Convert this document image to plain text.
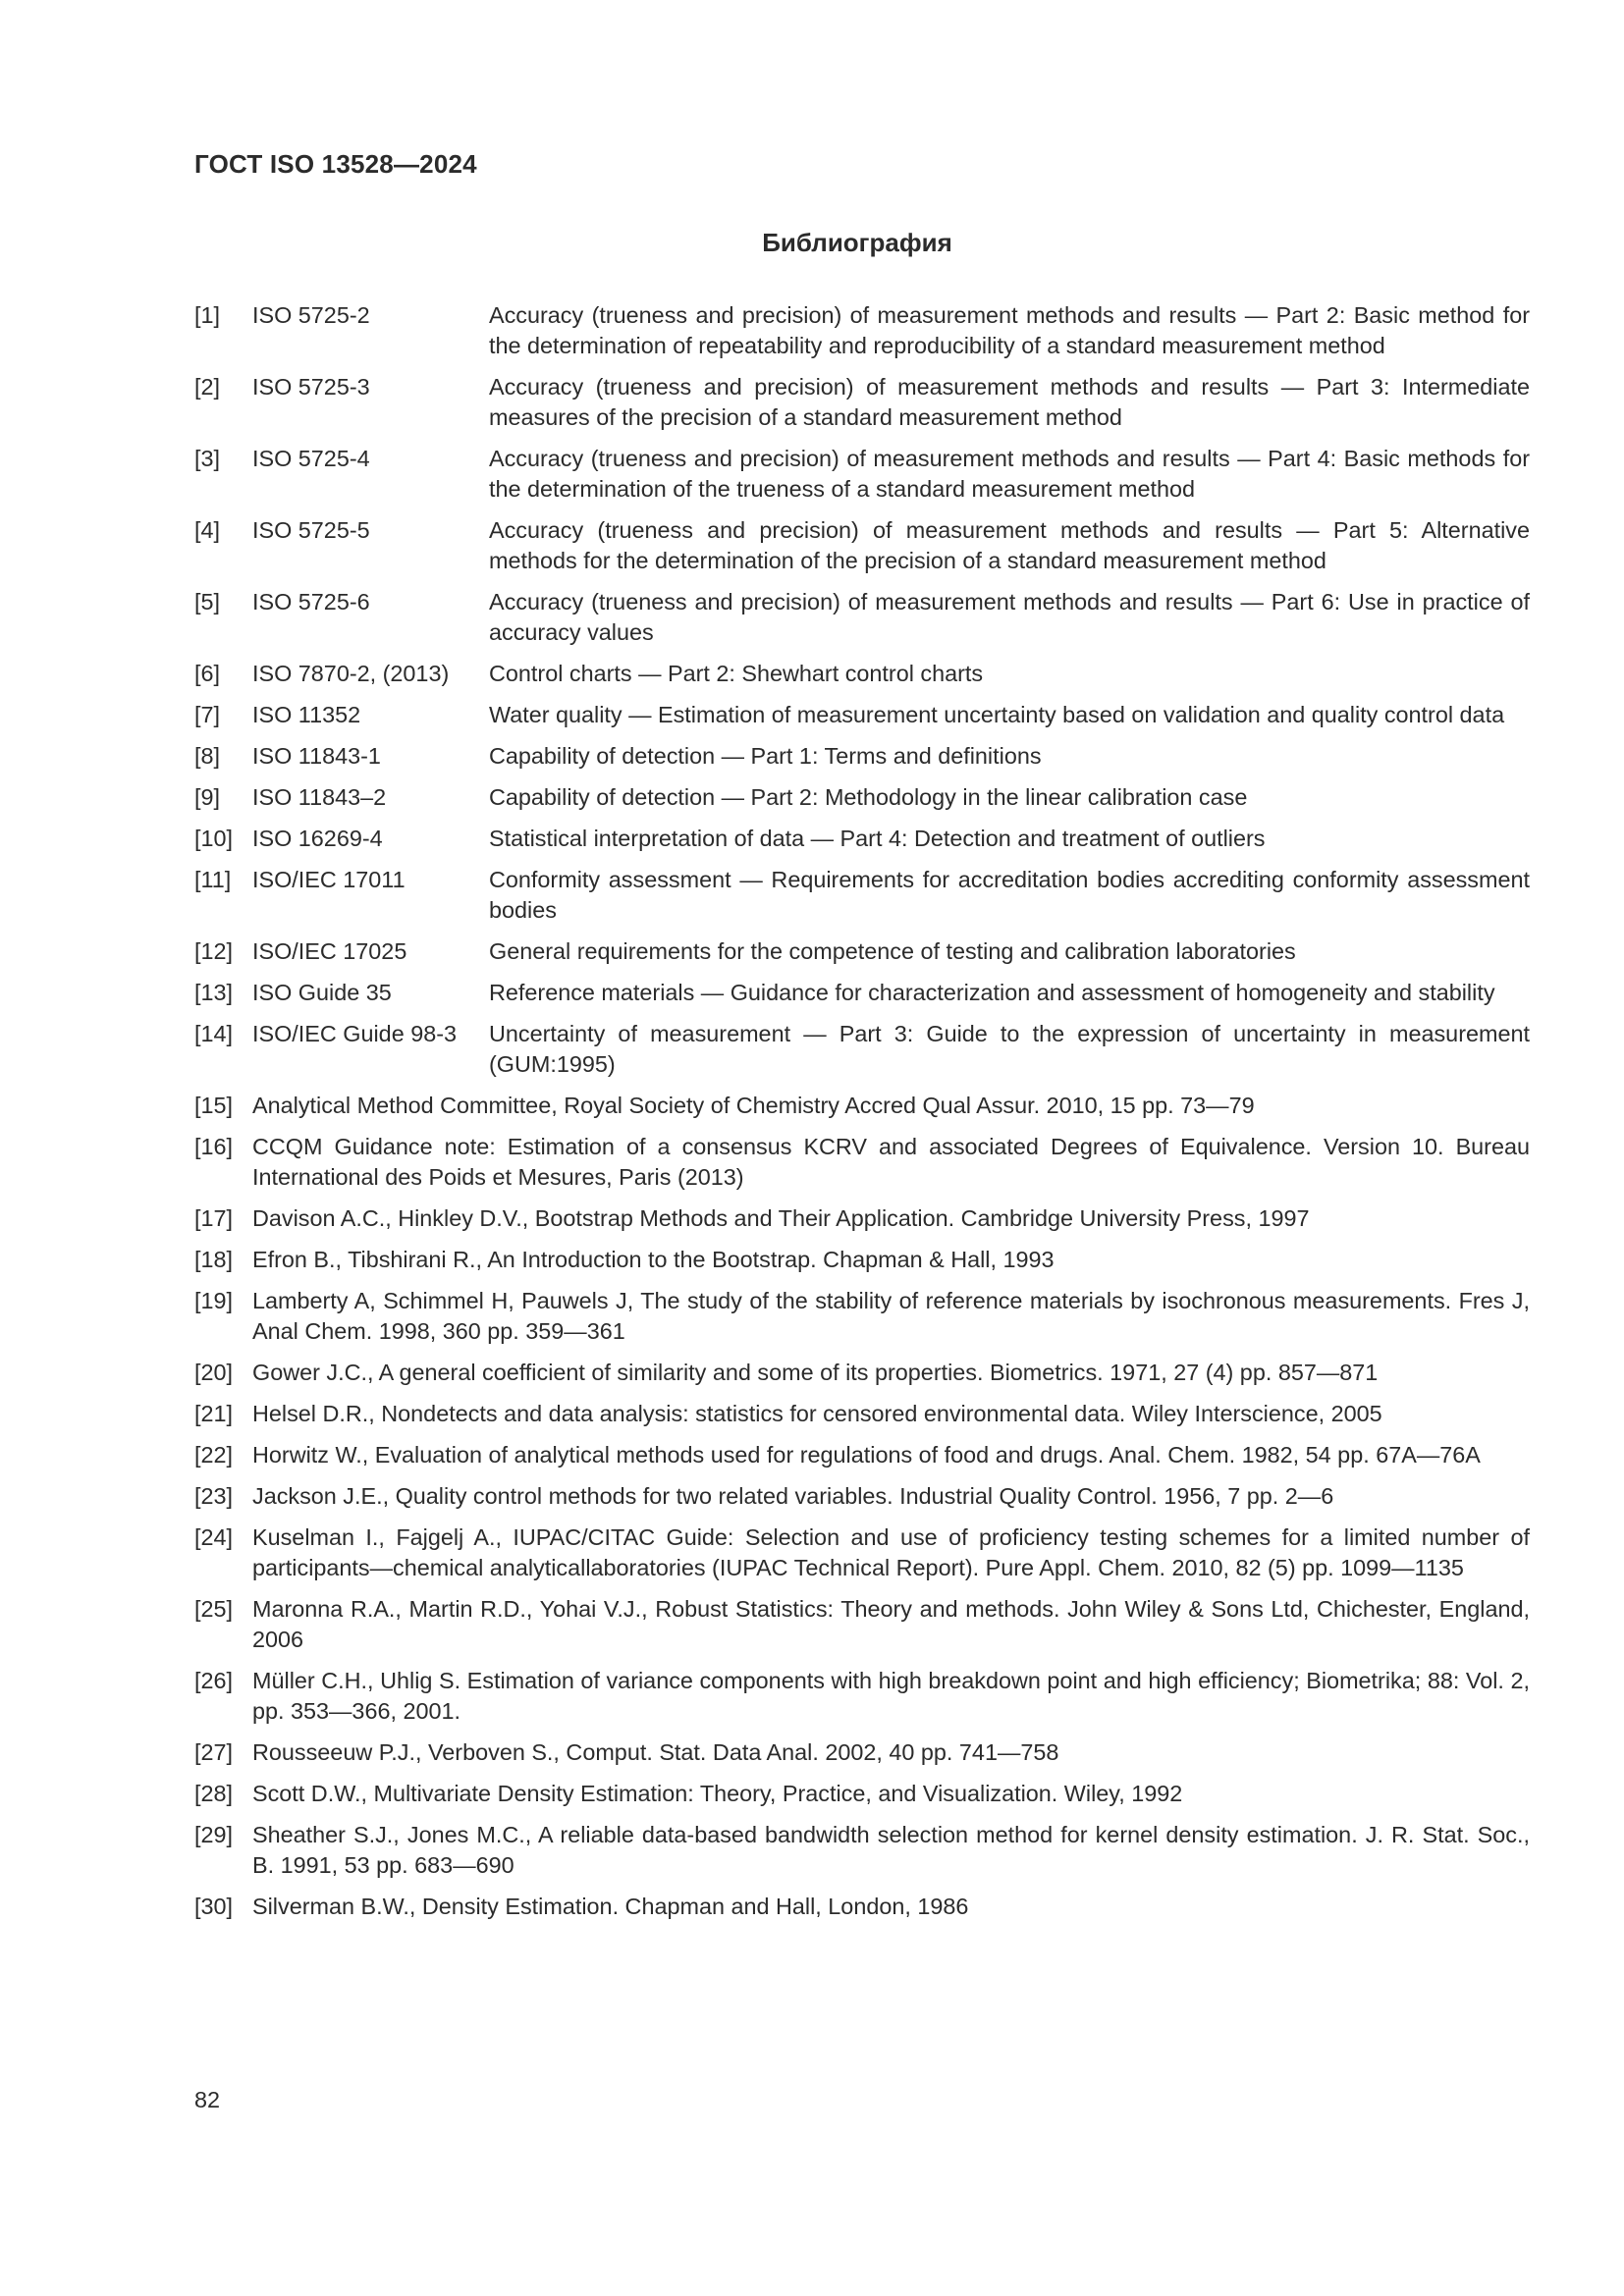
ГОСТ ISO 13528—2024
Библиография
[1]	ISO 5725-2	Accuracy (trueness and precision) of measurement methods and results — Part 2: Basic method for the determination of repeatability and reproducibility of a standard measurement method
[2]	ISO 5725-3	Accuracy (trueness and precision) of measurement methods and results — Part 3: Intermediate measures of the precision of a standard measurement method
[3]	ISO 5725-4	Accuracy (trueness and precision) of measurement methods and results — Part 4: Basic methods for the determination of the trueness of a standard measurement method
[4]	ISO 5725-5	Accuracy (trueness and precision) of measurement methods and results — Part 5: Alternative methods for the determination of the precision of a standard measurement method
[5]	ISO 5725-6	Accuracy (trueness and precision) of measurement methods and results — Part 6: Use in practice of accuracy values
[6]	ISO 7870-2, (2013)	Control charts — Part 2: Shewhart control charts
[7]	ISO 11352	Water quality — Estimation of measurement uncertainty based on validation and quality control data
[8]	ISO 11843-1	Capability of detection — Part 1: Terms and definitions
[9]	ISO 11843–2	Capability of detection — Part 2: Methodology in the linear calibration case
[10] ISO 16269-4	Statistical interpretation of data — Part 4: Detection and treatment of outliers
[11] ISO/IEC 17011	Conformity assessment — Requirements for accreditation bodies accrediting conformity assessment bodies
[12] ISO/IEC 17025	General requirements for the competence of testing and calibration laboratories
[13] ISO Guide 35	Reference materials — Guidance for characterization and assessment of homogeneity and stability
[14] ISO/IEC Guide 98-3	Uncertainty of measurement — Part 3: Guide to the expression of uncertainty in measurement (GUM:1995)
[15] Analytical Method Committee, Royal Society of Chemistry Accred Qual Assur. 2010, 15 pp. 73—79
[16] CCQM Guidance note: Estimation of a consensus KCRV and associated Degrees of Equivalence. Version 10. Bureau International des Poids et Mesures, Paris (2013)
[17] Davison A.C., Hinkley D.V., Bootstrap Methods and Their Application. Cambridge University Press, 1997
[18] Efron B., Tibshirani R., An Introduction to the Bootstrap. Chapman & Hall, 1993
[19] Lamberty A, Schimmel H, Pauwels J, The study of the stability of reference materials by isochronous measurements. Fres J, Anal Chem. 1998, 360 pp. 359—361
[20] Gower J.C., A general coefficient of similarity and some of its properties. Biometrics. 1971, 27 (4) pp. 857—871
[21] Helsel D.R., Nondetects and data analysis: statistics for censored environmental data. Wiley Interscience, 2005
[22] Horwitz W., Evaluation of analytical methods used for regulations of food and drugs. Anal. Chem. 1982, 54 pp. 67A—76A
[23] Jackson J.E., Quality control methods for two related variables. Industrial Quality Control. 1956, 7 pp. 2—6
[24] Kuselman I., Fajgelj A., IUPAC/CITAC Guide: Selection and use of proficiency testing schemes for a limited number of participants—chemical analyticallaboratories (IUPAC Technical Report). Pure Appl. Chem. 2010, 82 (5) pp. 1099—1135
[25] Maronna R.A., Martin R.D., Yohai V.J., Robust Statistics: Theory and methods. John Wiley & Sons Ltd, Chichester, England, 2006
[26] Müller C.H., Uhlig S. Estimation of variance components with high breakdown point and high efficiency; Biometrika; 88: Vol. 2, pp. 353—366, 2001.
[27] Rousseeuw P.J., Verboven S., Comput. Stat. Data Anal. 2002, 40 pp. 741—758
[28] Scott D.W., Multivariate Density Estimation: Theory, Practice, and Visualization. Wiley, 1992
[29] Sheather S.J., Jones M.C., A reliable data-based bandwidth selection method for kernel density estimation. J. R. Stat. Soc., B. 1991, 53 pp. 683—690
[30] Silverman B.W., Density Estimation. Chapman and Hall, London, 1986
82
